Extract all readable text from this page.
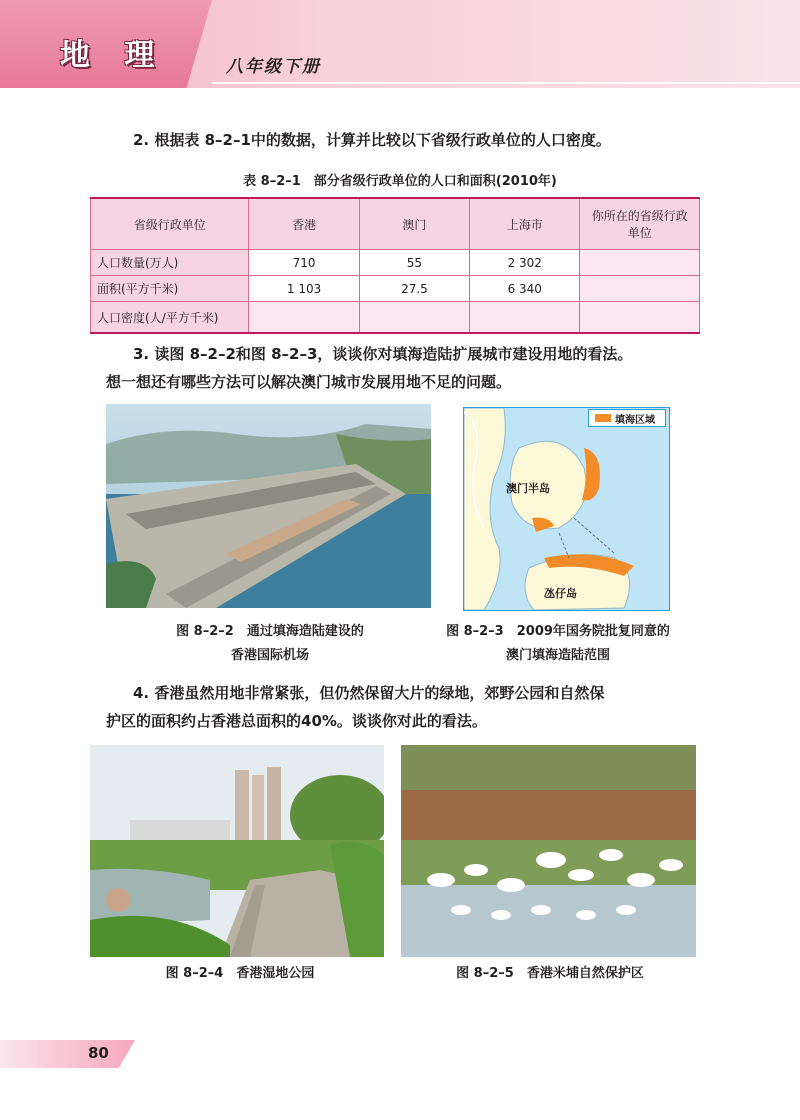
地 理	八年级下册

2. 根据表 8–2–1中的数据，计算并比较以下省级行政单位的人口密度。

表 8–2–1　部分省级行政单位的人口和面积(2010年)
省级行政单位	香港	澳门	上海市	你所在的省级行政单位
人口数量(万人)	710	55	2 302	
面积(平方千米)	1 103	27.5	6 340	
人口密度(人/平方千米)				

3. 读图 8–2–2和图 8–2–3，谈谈你对填海造陆扩展城市建设用地的看法。

想一想还有哪些方法可以解决澳门城市发展用地不足的问题。

澳门半岛
氹仔岛
填海区域
图 8–2–2　通过填海造陆建设的
香港国际机场
图 8–2–3　2009年国务院批复同意的
澳门填海造陆范围

4. 香港虽然用地非常紧张，但仍然保留大片的绿地，郊野公园和自然保

护区的面积约占香港总面积的40%。谈谈你对此的看法。

图 8–2–4　香港湿地公园	图 8–2–5　香港米埔自然保护区
80
